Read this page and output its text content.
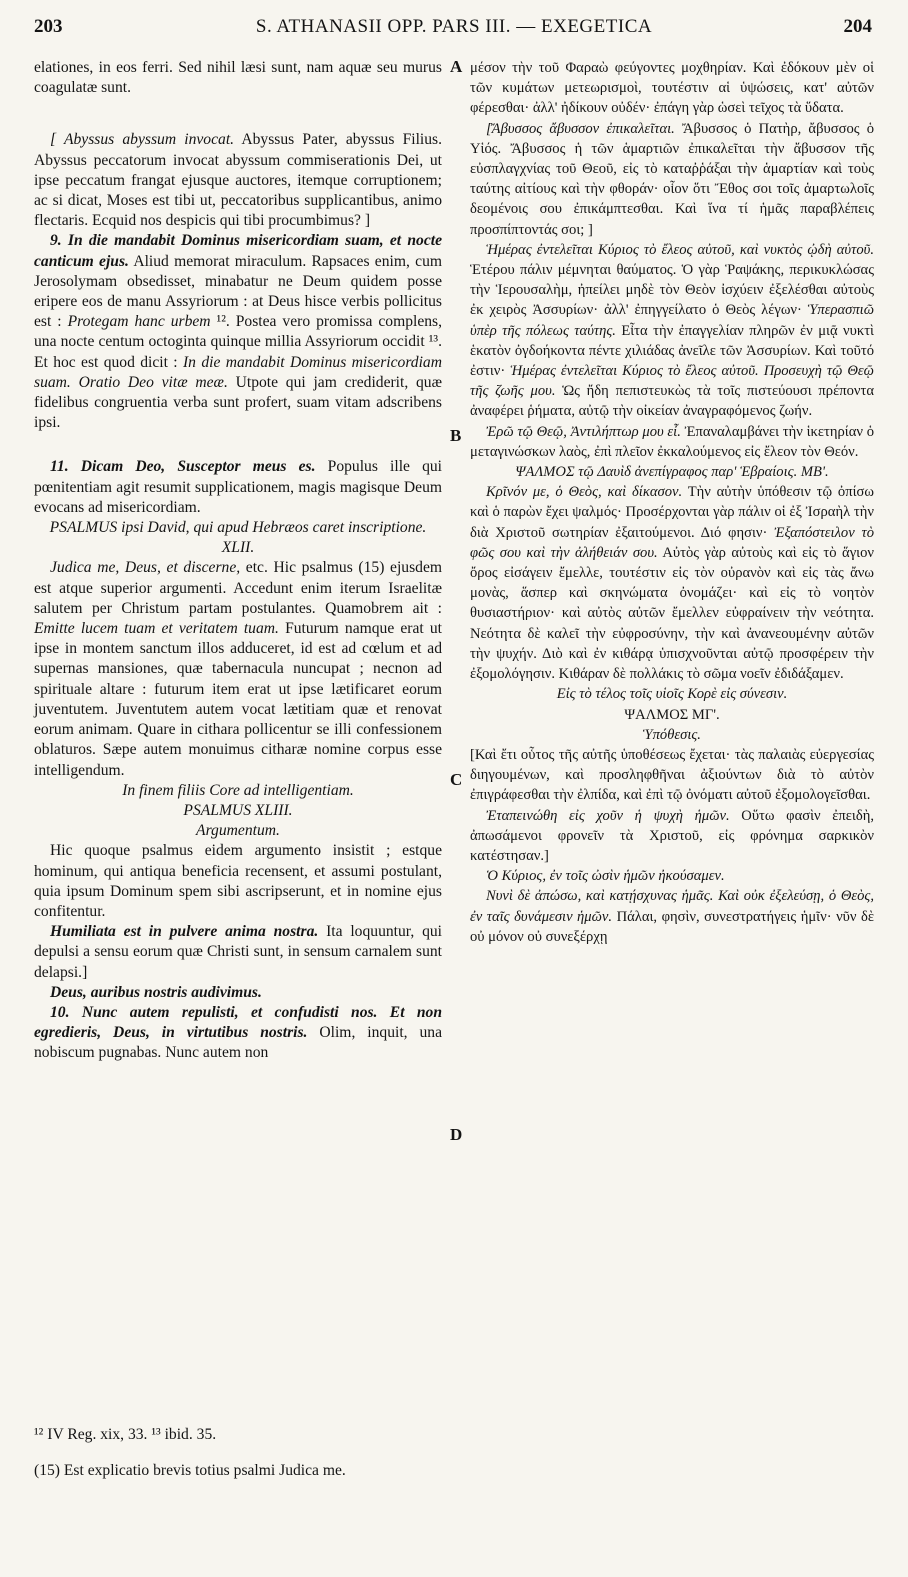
203	S. ATHANASII OPP. PARS III. — EXEGETICA	204
A
B
C
D

elationes, in eos ferri. Sed nihil læsi sunt, nam aquæ seu murus coagulatæ sunt.

[ Abyssus abyssum invocat. Abyssus Pater, abyssus Filius. Abyssus peccatorum invocat abyssum commiserationis Dei, ut ipse peccatum frangat ejusque auctores, itemque corruptionem; ac si dicat, Moses est tibi ut, peccatoribus supplicantibus, animo flectaris. Ecquid nos despicis qui tibi procumbimus? ]

9. In die mandabit Dominus misericordiam suam, et nocte canticum ejus. Aliud memorat miraculum. Rapsaces enim, cum Jerosolymam obsedisset, minabatur ne Deum quidem posse eripere eos de manu Assyriorum : at Deus hisce verbis pollicitus est : Protegam hanc urbem ¹². Postea vero promissa complens, una nocte centum octoginta quinque millia Assyriorum occidit ¹³. Et hoc est quod dicit : In die mandabit Dominus misericordiam suam. Oratio Deo vitæ meæ. Utpote qui jam crediderit, quæ fidelibus congruentia verba sunt profert, suam vitam adscribens ipsi.

11. Dicam Deo, Susceptor meus es. Populus ille qui pœnitentiam agit resumit supplicationem, magis magisque Deum evocans ad misericordiam.

PSALMUS ipsi David, qui apud Hebræos caret inscriptione. XLII.

Judica me, Deus, et discerne, etc. Hic psalmus (15) ejusdem est atque superior argumenti. Accedunt enim iterum Israelitæ salutem per Christum partam postulantes. Quamobrem ait : Emitte lucem tuam et veritatem tuam. Futurum namque erat ut ipse in montem sanctum illos adduceret, id est ad cœlum et ad supernas mansiones, quæ tabernacula nuncupat ; necnon ad spirituale altare : futurum item erat ut ipse lætificaret eorum juventutem. Juventutem autem vocat lætitiam quæ et renovat eorum animam. Quare in cithara pollicentur se illi confessionem oblaturos. Sæpe autem monuimus citharæ nomine corpus esse intelligendum.

In finem filiis Core ad intelligentiam.

PSALMUS XLIII.

Argumentum.

Hic quoque psalmus eidem argumento insistit ; estque hominum, qui antiqua beneficia recensent, et assumi postulant, quia ipsum Dominum spem sibi ascripserunt, et in nomine ejus confitentur.

Humiliata est in pulvere anima nostra. Ita loquuntur, qui depulsi a sensu eorum quæ Christi sunt, in sensum carnalem sunt delapsi.]

Deus, auribus nostris audivimus.

10. Nunc autem repulisti, et confudisti nos. Et non egredieris, Deus, in virtutibus nostris. Olim, inquit, una nobiscum pugnabas. Nunc autem non

μέσον τὴν τοῦ Φαραὼ φεύγοντες μοχθηρίαν. Καὶ ἐδόκουν μὲν οἱ τῶν κυμάτων μετεωρισμοὶ, τουτέστιν αἱ ὑψώσεις, κατ' αὐτῶν φέρεσθαι· ἀλλ' ἠδίκουν οὐδέν· ἐπάγη γὰρ ὡσεὶ τεῖχος τὰ ὕδατα.

[Ἄβυσσος ἄβυσσον ἐπικαλεῖται. Ἄβυσσος ὁ Πατὴρ, ἄβυσσος ὁ Υἱός. Ἄβυσσος ἡ τῶν ἁμαρτιῶν ἐπικαλεῖται τὴν ἄβυσσον τῆς εὐσπλαγχνίας τοῦ Θεοῦ, εἰς τὸ καταῤῥάξαι τὴν ἁμαρτίαν καὶ τοὺς ταύτης αἰτίους καὶ τὴν φθοράν· οἷον ὅτι Ἔθος σοι τοῖς ἁμαρτωλοῖς δεομένοις σου ἐπικάμπτεσθαι. Καὶ ἵνα τί ἡμᾶς παραβλέπεις προσπίπτοντάς σοι; ]

Ἡμέρας ἐντελεῖται Κύριος τὸ ἔλεος αὐτοῦ, καὶ νυκτὸς ᾠδὴ αὐτοῦ. Ἑτέρου πάλιν μέμνηται θαύματος. Ὁ γὰρ Ῥαψάκης, περικυκλώσας τὴν Ἱερουσαλὴμ, ἠπείλει μηδὲ τὸν Θεὸν ἰσχύειν ἐξελέσθαι αὐτοὺς ἐκ χειρὸς Ἀσσυρίων· ἀλλ' ἐπηγγείλατο ὁ Θεὸς λέγων· Ὑπερασπιῶ ὑπὲρ τῆς πόλεως ταύτης. Εἶτα τὴν ἐπαγγελίαν πληρῶν ἐν μιᾷ νυκτὶ ἑκατὸν ὀγδοήκοντα πέντε χιλιάδας ἀνεῖλε τῶν Ἀσσυρίων. Καὶ τοῦτό ἐστιν· Ἡμέρας ἐντελεῖται Κύριος τὸ ἔλεος αὐτοῦ. Προσευχὴ τῷ Θεῷ τῆς ζωῆς μου. Ὡς ἤδη πεπιστευκὼς τὰ τοῖς πιστεύουσι πρέποντα ἀναφέρει ῥήματα, αὐτῷ τὴν οἰκείαν ἀναγραφόμενος ζωήν.

Ἐρῶ τῷ Θεῷ, Ἀντιλήπτωρ μου εἶ. Ἐπαναλαμβάνει τὴν ἱκετηρίαν ὁ μεταγινώσκων λαὸς, ἐπὶ πλεῖον ἐκκαλούμενος εἰς ἔλεον τὸν Θεόν.

ΨΑΛΜΟΣ τῷ Δαυὶδ ἀνεπίγραφος παρ' Ἑβραίοις. ΜΒ'.

Κρῖνόν με, ὁ Θεὸς, καὶ δίκασον. Τὴν αὐτὴν ὑπόθεσιν τῷ ὀπίσω καὶ ὁ παρὼν ἔχει ψαλμός· Προσέρχονται γὰρ πάλιν οἱ ἐξ Ἰσραὴλ τὴν διὰ Χριστοῦ σωτηρίαν ἐξαιτούμενοι. Διό φησιν· Ἐξαπόστειλον τὸ φῶς σου καὶ τὴν ἀλήθειάν σου. Αὐτὸς γὰρ αὐτοὺς καὶ εἰς τὸ ἅγιον ὄρος εἰσάγειν ἔμελλε, τουτέστιν εἰς τὸν οὐρανὸν καὶ εἰς τὰς ἄνω μονὰς, ἅσπερ καὶ σκηνώματα ὀνομάζει· καὶ εἰς τὸ νοητὸν θυσιαστήριον· καὶ αὐτὸς αὐτῶν ἔμελλεν εὐφραίνειν τὴν νεότητα. Νεότητα δὲ καλεῖ τὴν εὐφροσύνην, τὴν καὶ ἀνανεουμένην αὐτῶν τὴν ψυχήν. Διὸ καὶ ἐν κιθάρᾳ ὑπισχνοῦνται αὐτῷ προσφέρειν τὴν ἐξομολόγησιν. Κιθάραν δὲ πολλάκις τὸ σῶμα νοεῖν ἐδιδάξαμεν.

Εἰς τὸ τέλος τοῖς υἱοῖς Κορὲ εἰς σύνεσιν.

ΨΑΛΜΟΣ ΜΓ'.

Ὑπόθεσις.

[Καὶ ἔτι οὗτος τῆς αὐτῆς ὑποθέσεως ἔχεται· τὰς παλαιὰς εὐεργεσίας διηγουμένων, καὶ προσληφθῆναι ἀξιούντων διὰ τὸ αὐτὸν ἐπιγράφεσθαι τὴν ἐλπίδα, καὶ ἐπὶ τῷ ὀνόματι αὐτοῦ ἐξομολογεῖσθαι.

Ἐταπεινώθη εἰς χοῦν ἡ ψυχὴ ἡμῶν. Οὕτω φασὶν ἐπειδὴ, ἀπωσάμενοι φρονεῖν τὰ Χριστοῦ, εἰς φρόνημα σαρκικὸν κατέστησαν.]

Ὁ Κύριος, ἐν τοῖς ὠσὶν ἡμῶν ἠκούσαμεν.

Νυνὶ δὲ ἀπώσω, καὶ κατῄσχυνας ἡμᾶς. Καὶ οὐκ ἐξελεύσῃ, ὁ Θεὸς, ἐν ταῖς δυνάμεσιν ἡμῶν. Πάλαι, φησὶν, συνεστρατήγεις ἡμῖν· νῦν δὲ οὐ μόνον οὐ συνεξέρχῃ

¹² IV Reg. xix, 33. ¹³ ibid. 35.
(15) Est explicatio brevis totius psalmi Judica me.
